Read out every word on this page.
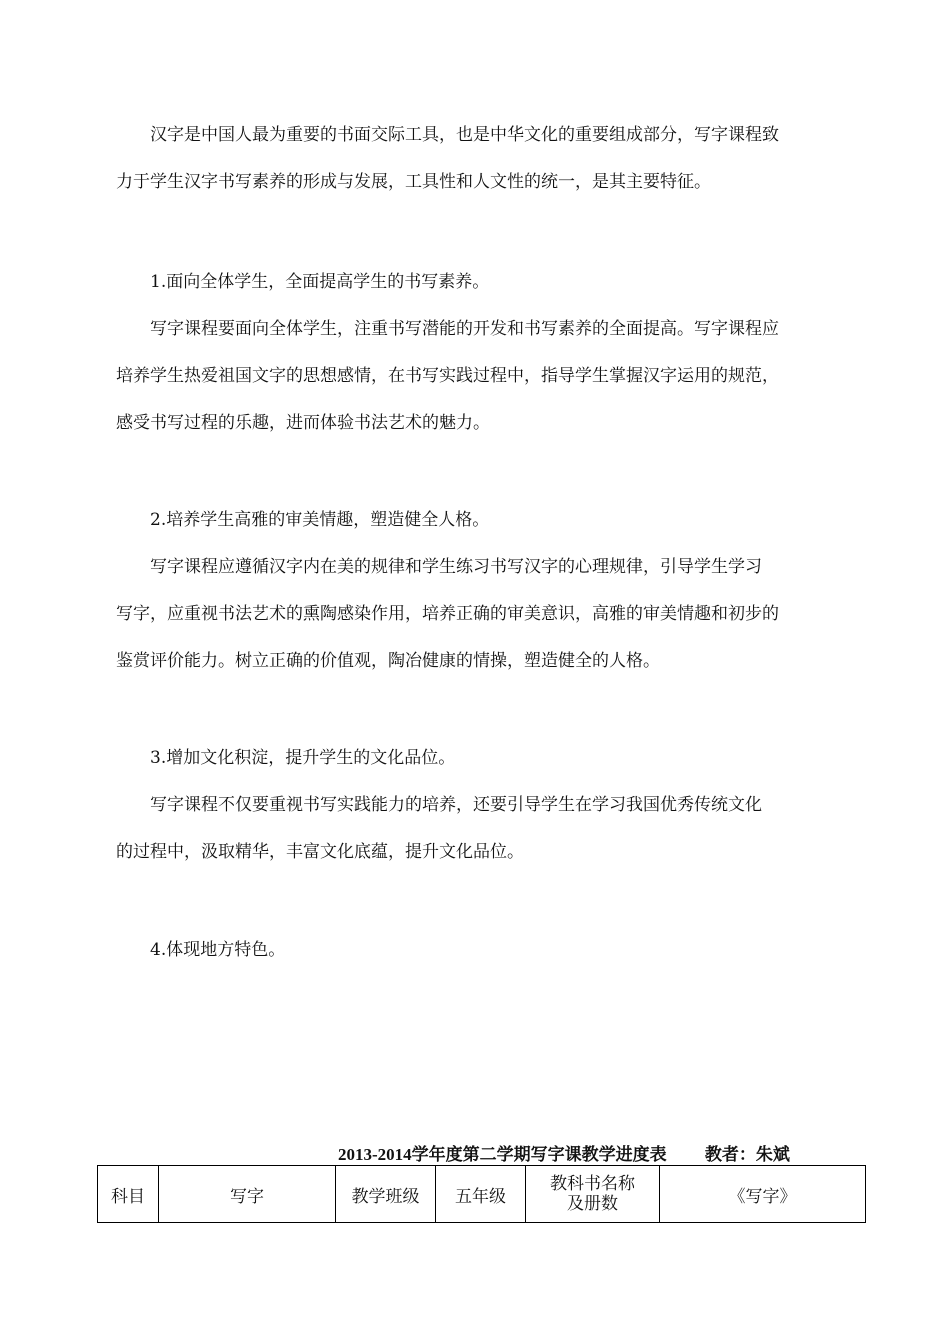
汉字是中国人最为重要的书面交际工具，也是中华文化的重要组成部分，写字课程致
力于学生汉字书写素养的形成与发展，工具性和人文性的统一，是其主要特征。

1.面向全体学生，全面提高学生的书写素养。

写字课程要面向全体学生，注重书写潜能的开发和书写素养的全面提高。写字课程应
培养学生热爱祖国文字的思想感情，在书写实践过程中，指导学生掌握汉字运用的规范，
感受书写过程的乐趣，进而体验书法艺术的魅力。

2.培养学生高雅的审美情趣，塑造健全人格。

写字课程应遵循汉字内在美的规律和学生练习书写汉字的心理规律，引导学生学习
写字，应重视书法艺术的熏陶感染作用，培养正确的审美意识，高雅的审美情趣和初步的
鉴赏评价能力。树立正确的价值观，陶冶健康的情操，塑造健全的人格。

3.增加文化积淀，提升学生的文化品位。

写字课程不仅要重视书写实践能力的培养，还要引导学生在学习我国优秀传统文化
的过程中，汲取精华，丰富文化底蕴，提升文化品位。

4.体现地方特色。

2013-2014学年度第二学期写字课教学进度表 教者：朱斌
科目	写字	教学班级	五年级	教科书名称
及册数	《写字》
